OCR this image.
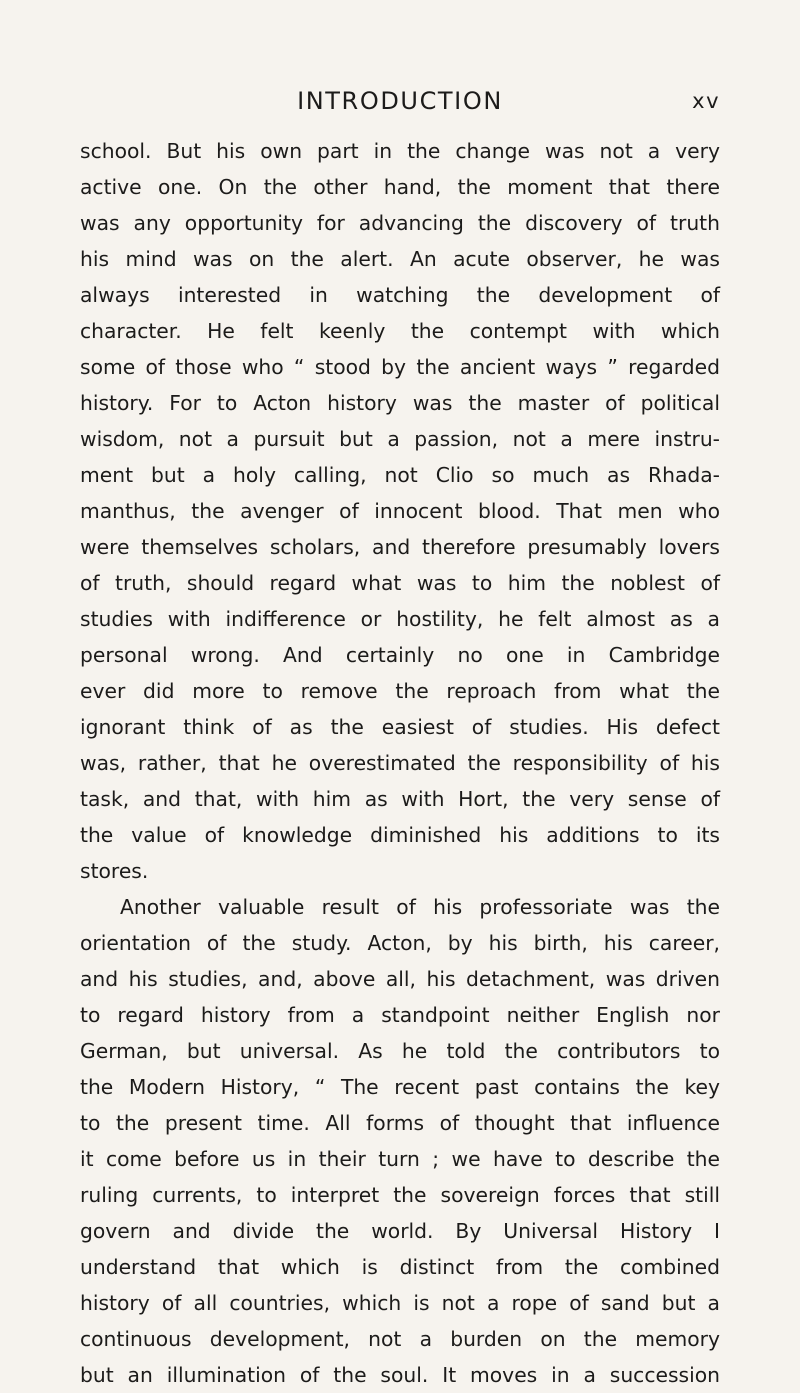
INTRODUCTION	xv
school. But his own part in the change was not a very
active one. On the other hand, the moment that there
was any opportunity for advancing the discovery of truth
his mind was on the alert. An acute observer, he was
always interested in watching the development of
character. He felt keenly the contempt with which
some of those who “ stood by the ancient ways ” regarded
history. For to Acton history was the master of political
wisdom, not a pursuit but a passion, not a mere instru-
ment but a holy calling, not Clio so much as Rhada-
manthus, the avenger of innocent blood. That men who
were themselves scholars, and therefore presumably lovers
of truth, should regard what was to him the noblest of
studies with indifference or hostility, he felt almost as a
personal wrong. And certainly no one in Cambridge
ever did more to remove the reproach from what the
ignorant think of as the easiest of studies. His defect
was, rather, that he overestimated the responsibility of his
task, and that, with him as with Hort, the very sense of
the value of knowledge diminished his additions to its
stores.
Another valuable result of his professoriate was the
orientation of the study. Acton, by his birth, his career,
and his studies, and, above all, his detachment, was driven
to regard history from a standpoint neither English nor
German, but universal. As he told the contributors to
the Modern History, “ The recent past contains the key
to the present time. All forms of thought that influence
it come before us in their turn ; we have to describe the
ruling currents, to interpret the sovereign forces that still
govern and divide the world. By Universal History I
understand that which is distinct from the combined
history of all countries, which is not a rope of sand but a
continuous development, not a burden on the memory
but an illumination of the soul. It moves in a succession
